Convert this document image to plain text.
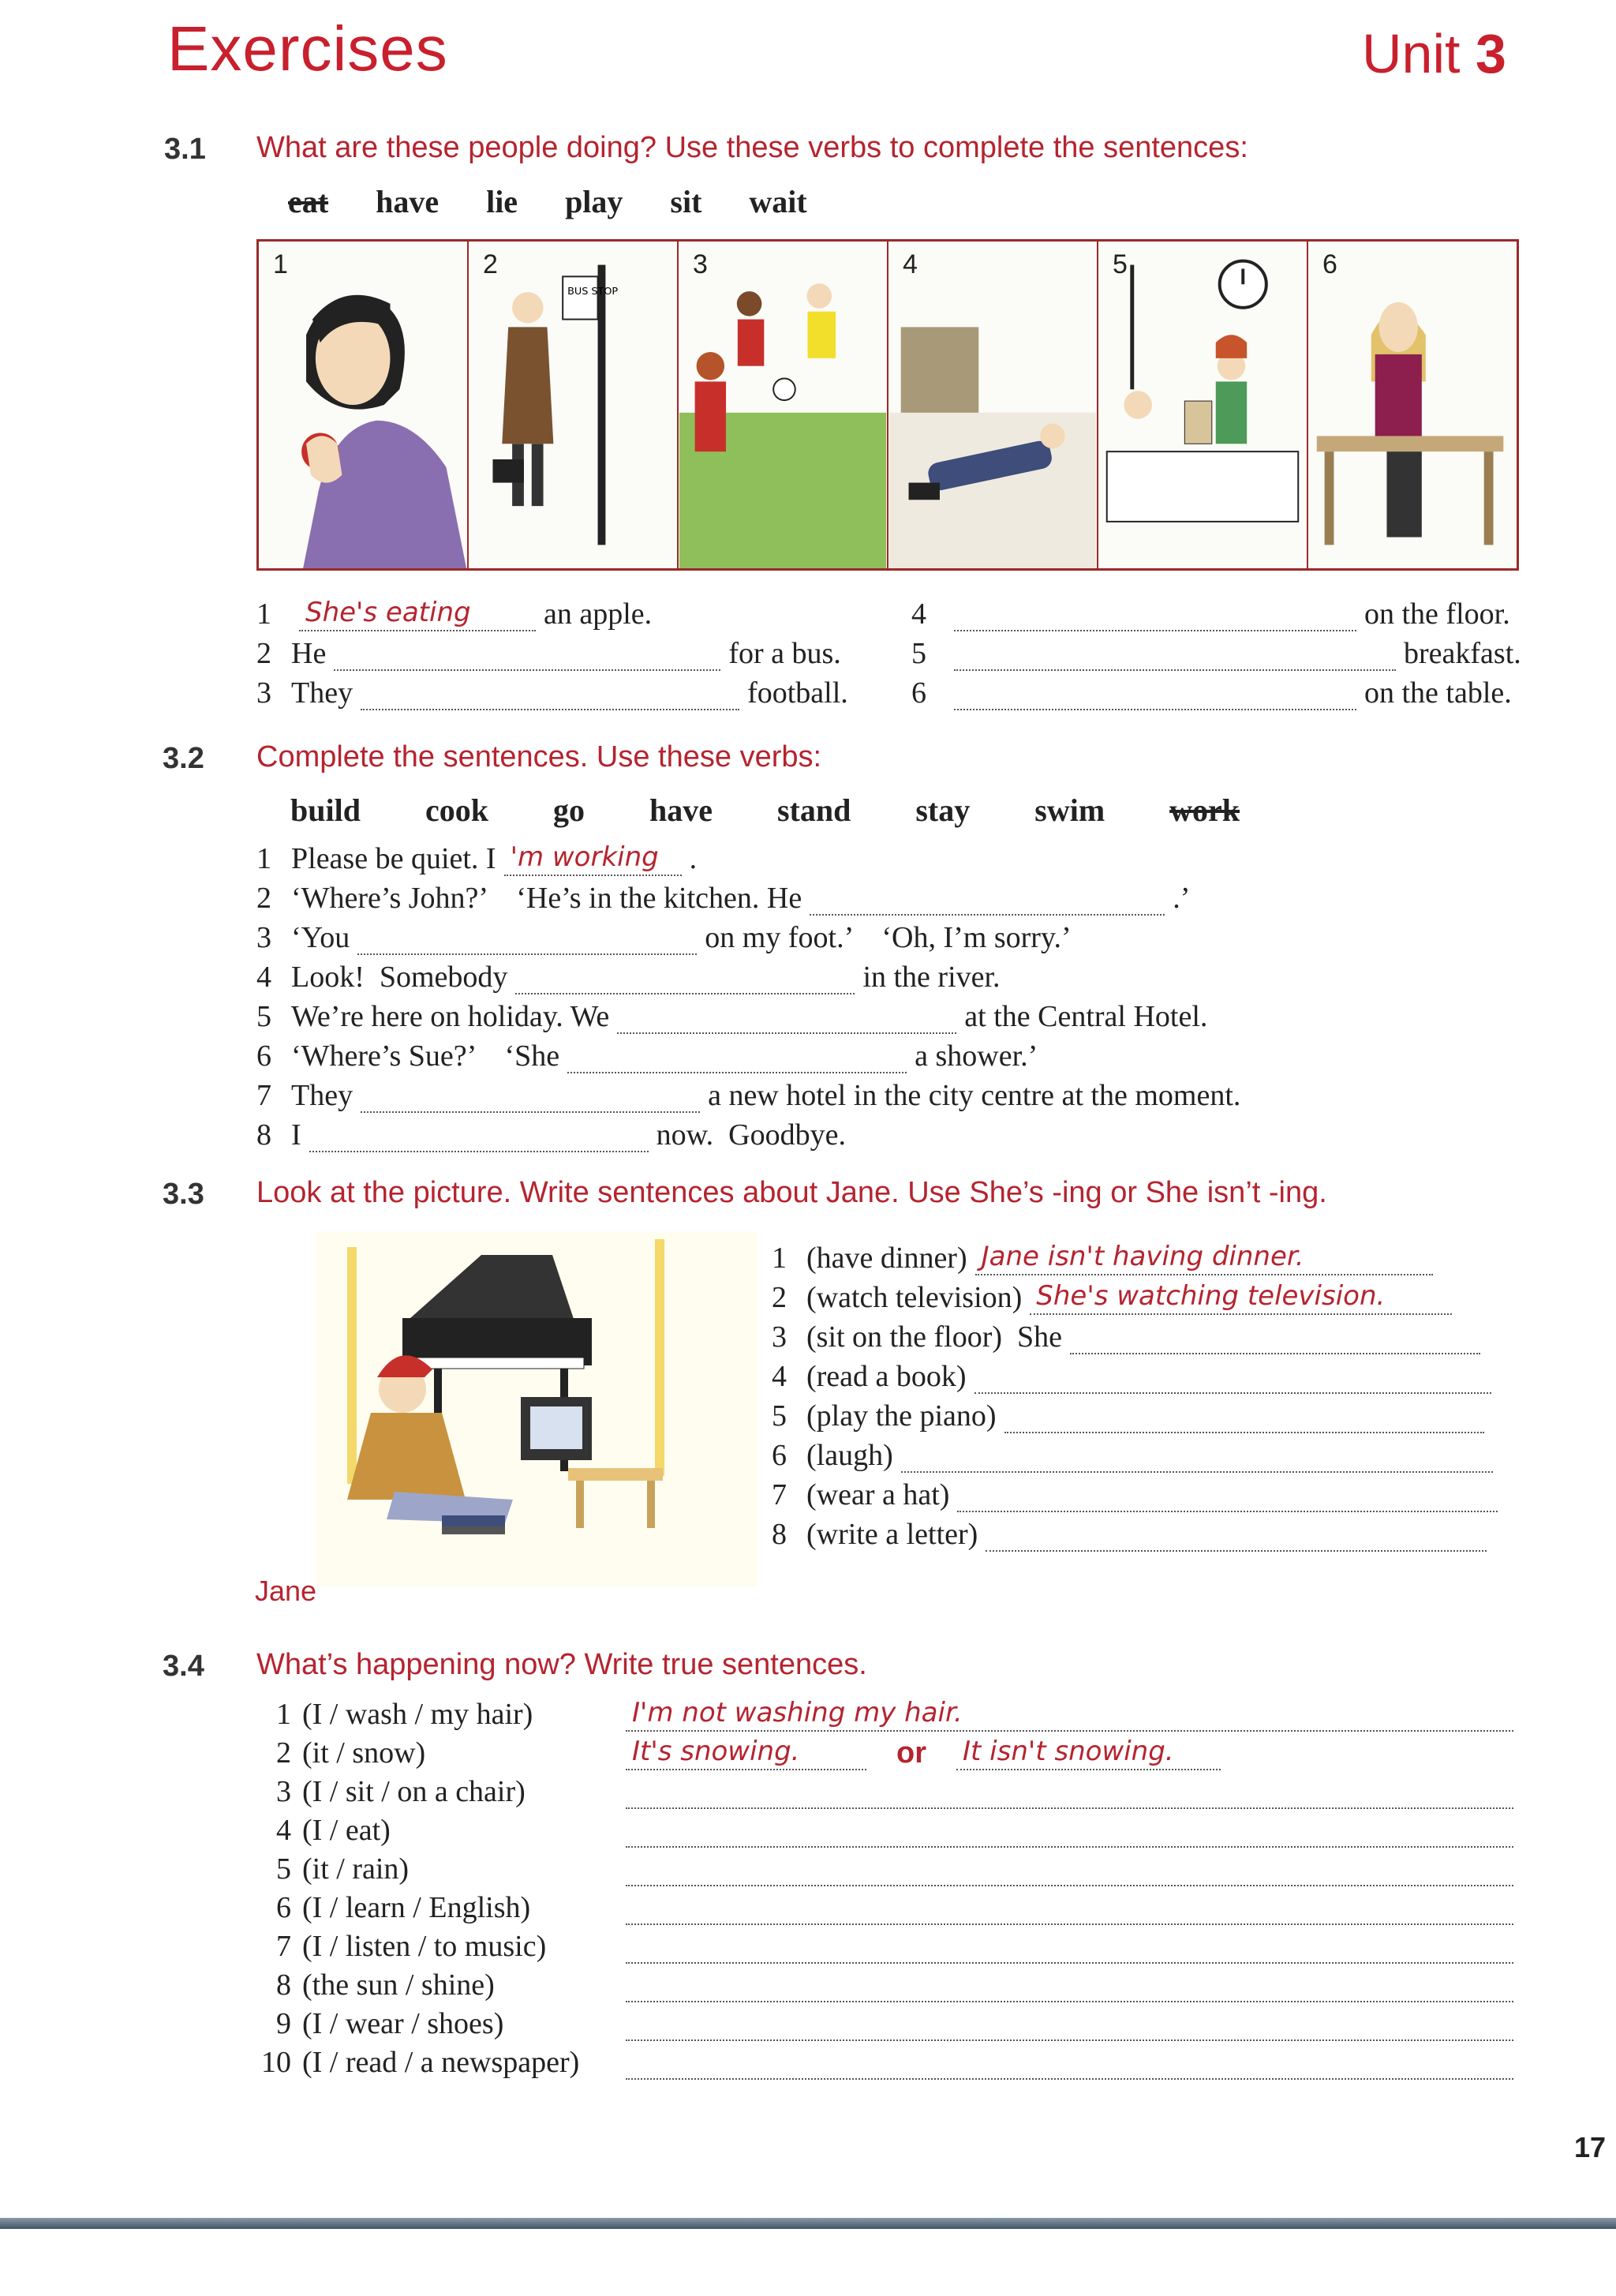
Exercises	Unit 3
3.1 What are these people doing? Use these verbs to complete the sentences:
eat have lie play sit wait
1	2
BUS STOP
3	4	5	6
1	She's eating an apple.
2 He	for a bus.
3 They	football.
4	on the floor.
5	breakfast.
6	on the table.
3.2 Complete the sentences. Use these verbs:
build cook go have stand stay swim work
1 Please be quiet. I 'm working .
2 ‘Where’s John?’    ‘He’s in the kitchen. He	.’
3 ‘You	on my foot.’    ‘Oh, I’m sorry.’
4 Look!  Somebody	in the river.
5 We’re here on holiday. We	at the Central Hotel.
6 ‘Where’s Sue?’    ‘She	a shower.’
7 They	a new hotel in the city centre at the moment.
8 I	now.  Goodbye.
3.3 Look at the picture. Write sentences about Jane. Use She’s -ing or She isn’t -ing.
Jane
1 (have dinner) Jane isn't having dinner.
2 (watch television) She's watching television.
3 (sit on the floor)  She
4 (read a book)
5 (play the piano)
6 (laugh)
7 (wear a hat)
8 (write a letter)
3.4 What’s happening now? Write true sentences.
1 (I / wash / my hair)	I'm not washing my hair.
2 (it / snow)	It's snowing.	or It isn't snowing.
3 (I / sit / on a chair)
4 (I / eat)
5 (it / rain)
6 (I / learn / English)
7 (I / listen / to music)
8 (the sun / shine)
9 (I / wear / shoes)
10 (I / read / a newspaper)
17
